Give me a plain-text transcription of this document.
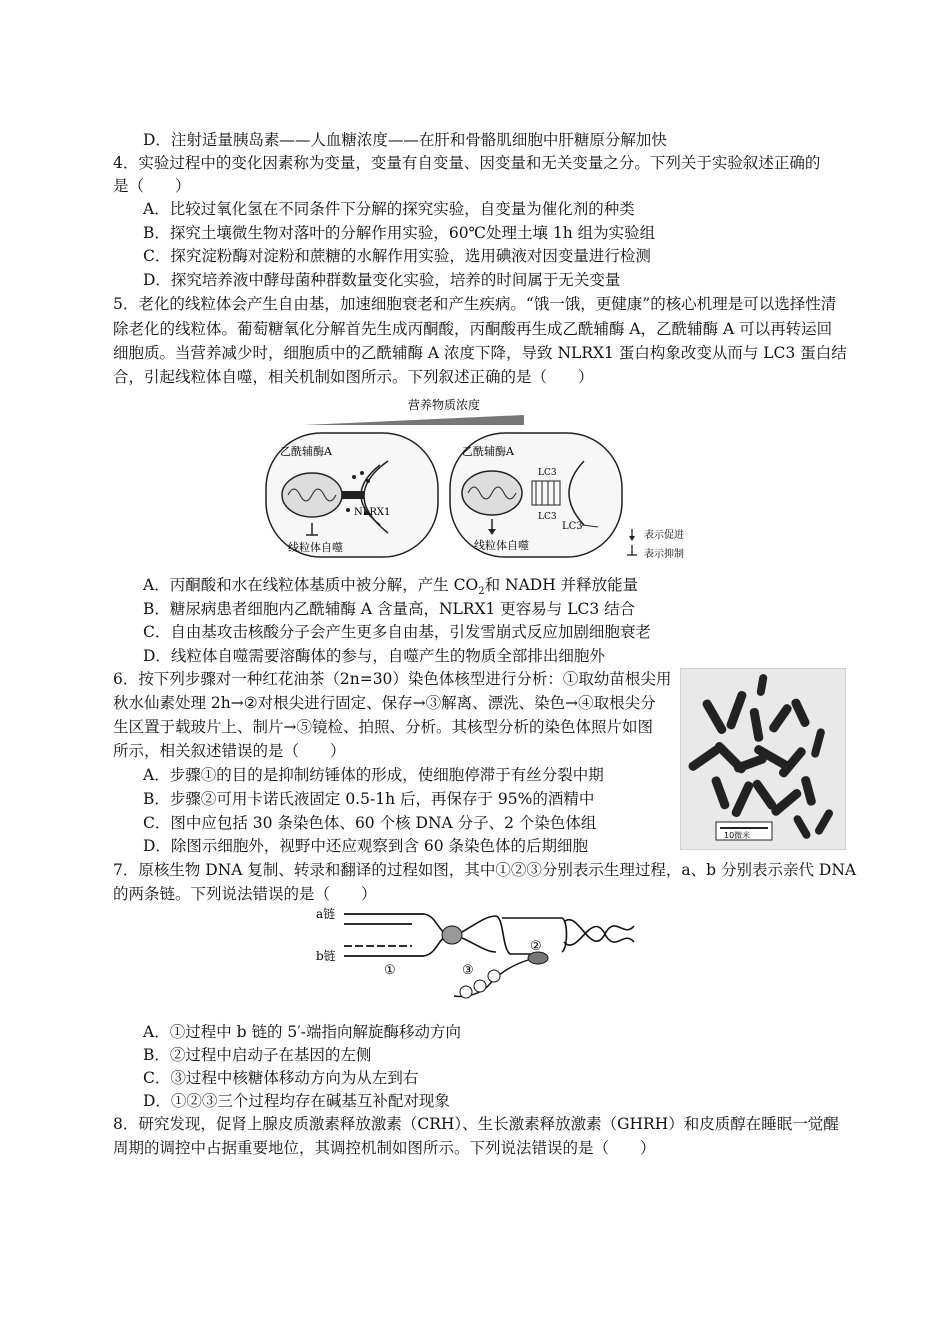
D．注射适量胰岛素——人血糖浓度——在肝和骨骼肌细胞中肝糖原分解加快
4．实验过程中的变化因素称为变量，变量有自变量、因变量和无关变量之分。下列关于实验叙述正确的
是（　　）
A．比较过氧化氢在不同条件下分解的探究实验，自变量为催化剂的种类
B．探究土壤微生物对落叶的分解作用实验，60℃处理土壤 1h 组为实验组
C．探究淀粉酶对淀粉和蔗糖的水解作用实验，选用碘液对因变量进行检测
D．探究培养液中酵母菌种群数量变化实验，培养的时间属于无关变量
5．老化的线粒体会产生自由基，加速细胞衰老和产生疾病。“饿一饿，更健康”的核心机理是可以选择性清
除老化的线粒体。葡萄糖氧化分解首先生成丙酮酸，丙酮酸再生成乙酰辅酶 A，乙酰辅酶 A 可以再转运回
细胞质。当营养减少时，细胞质中的乙酰辅酶 A 浓度下降，导致 NLRX1 蛋白构象改变从而与 LC3 蛋白结
合，引起线粒体自噬，相关机制如图所示。下列叙述正确的是（　　）
营养物质浓度
乙酰辅酶A
NLRX1
线粒体自噬
乙酰辅酶A
LC3
LC3
LC3
线粒体自噬
表示促进
表示抑制
A．丙酮酸和水在线粒体基质中被分解，产生 $CO_2$和 NADH 并释放能量
B．糖尿病患者细胞内乙酰辅酶 A 含量高，NLRX1 更容易与 LC3 结合
C．自由基攻击核酸分子会产生更多自由基，引发雪崩式反应加剧细胞衰老
D．线粒体自噬需要溶酶体的参与，自噬产生的物质全部排出细胞外
6．按下列步骤对一种红花油茶（2n=30）染色体核型进行分析：①取幼苗根尖用
秋水仙素处理 2h→②对根尖进行固定、保存→③解离、漂洗、染色→④取根尖分
生区置于载玻片上、制片→⑤镜检、拍照、分析。其核型分析的染色体照片如图
所示，相关叙述错误的是（　　）
A．步骤①的目的是抑制纺锤体的形成，使细胞停滞于有丝分裂中期
B．步骤②可用卡诺氏液固定 0.5-1h 后，再保存于 95%的酒精中
C．图中应包括 30 条染色体、60 个核 DNA 分子、2 个染色体组
D．除图示细胞外，视野中还应观察到含 60 条染色体的后期细胞
10微米
7．原核生物 DNA 复制、转录和翻译的过程如图，其中①②③分别表示生理过程，a、b 分别表示亲代 DNA
的两条链。下列说法错误的是（　　）
a链
b链
①
②
③
A．①过程中 b 链的 5′-端指向解旋酶移动方向
B．②过程中启动子在基因的左侧
C．③过程中核糖体移动方向为从左到右
D．①②③三个过程均存在碱基互补配对现象
8．研究发现，促肾上腺皮质激素释放激素（CRH）、生长激素释放激素（GHRH）和皮质醇在睡眠一觉醒
周期的调控中占据重要地位，其调控机制如图所示。下列说法错误的是（　　）
